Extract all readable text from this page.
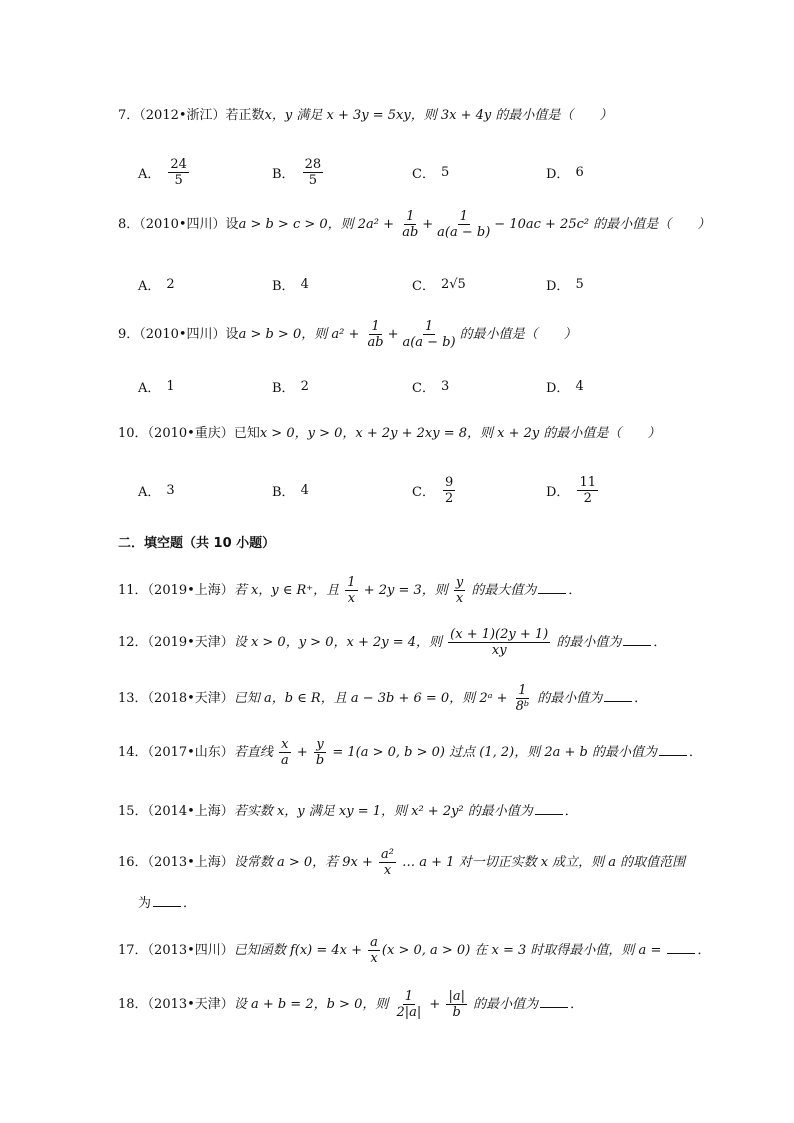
7．（2012•浙江）若正数x，y 满足 x + 3y = 5xy，则 3x + 4y 的最小值是（　　）
A． $\frac{24}{5}$	B． $\frac{28}{5}$	C． 5	D． 6
8．（2010•四川）设a > b > c > 0，则 $2a^2 + \frac{1}{ab} + \frac{1}{a(a - b)} - 10ac + 25c^2$ 的最小值是（　　）
A． 2	B． 4	C． 2√5	D． 5
9．（2010•四川）设a > b > 0，则 $a^2 + \frac{1}{ab} + \frac{1}{a(a - b)}$ 的最小值是（　　）
A． 1	B． 2	C． 3	D． 4
10．（2010•重庆）已知x > 0，y > 0，x + 2y + 2xy = 8，则 x + 2y 的最小值是（　　）
A． 3	B． 4	C． $\frac{9}{2}$	D． $\frac{11}{2}$
二．填空题（共 10 小题）
11．（2019•上海）若 x，y ∈ R⁺，且 $\frac{1}{x} + 2y = 3$，则 $\frac{y}{x}$ 的最大值为 ．
12．（2019•天津）设 x > 0，y > 0，x + 2y = 4，则 $\frac{(x + 1)(2y + 1)}{xy}$ 的最小值为 ．
13．（2018•天津）已知 a，b ∈ R，且 a − 3b + 6 = 0，则 2ᵃ + $\frac{1}{\text{8ᵇ}}$ 的最小值为 ．
14．（2017•山东）若直线 $\frac{x}{a} + \frac{y}{b} = 1(a > 0$, b > 0) 过点 (1, 2)，则 2a + b 的最小值为 ．
15．（2014•上海）若实数 x，y 满足 xy = 1，则 x² + 2y² 的最小值为 ．
16．（2013•上海）设常数 a > 0，若 $9x + \frac{\text{a²}}{x}$ … a + 1 对一切正实数 x 成立，则 a 的取值范围
为 ．
17．（2013•四川）已知函数 $f(x) = 4x + \frac{a}{x} (x > 0$, a > 0) 在 x = 3 时取得最小值，则 a = ．
18．（2013•天津）设 a + b = 2，b > 0，则 $\frac{1}{2|a|} + \frac{|a|}{b}$ 的最小值为 ．
